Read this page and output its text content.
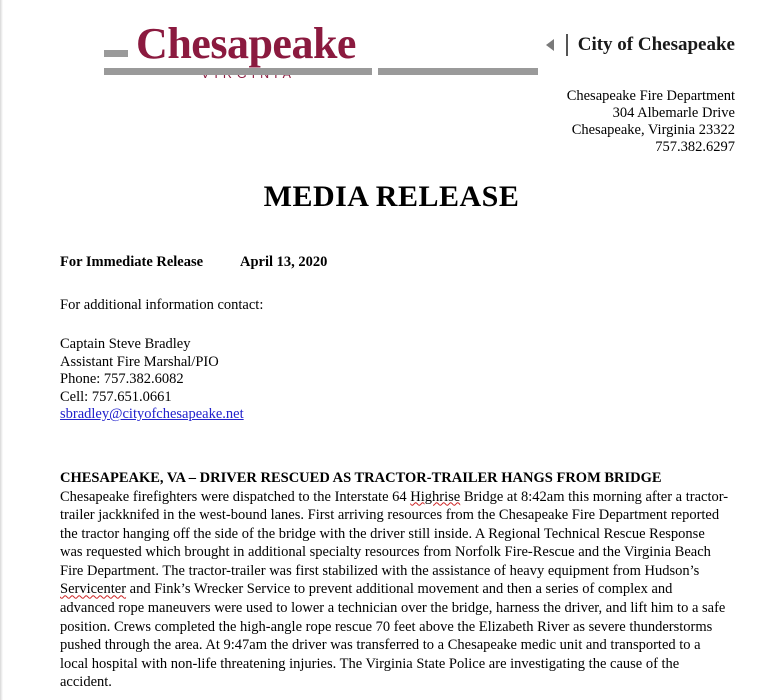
Chesapeake	City of Chesapeake
Chesapeake Fire Department
304 Albemarle Drive
Chesapeake, Virginia 23322
757.382.6297
MEDIA RELEASE
For Immediate Release	April 13, 2020
For additional information contact:
Captain Steve Bradley
Assistant Fire Marshal/PIO
Phone: 757.382.6082
Cell: 757.651.0661
sbradley@cityofchesapeake.net
CHESAPEAKE, VA – DRIVER RESCUED AS TRACTOR-TRAILER HANGS FROM BRIDGE
Chesapeake firefighters were dispatched to the Interstate 64 Highrise Bridge at 8:42am this morning after a tractor-trailer jackknifed in the west-bound lanes. First arriving resources from the Chesapeake Fire Department reported the tractor hanging off the side of the bridge with the driver still inside. A Regional Technical Rescue Response was requested which brought in additional specialty resources from Norfolk Fire-Rescue and the Virginia Beach Fire Department. The tractor-trailer was first stabilized with the assistance of heavy equipment from Hudson’s Servicenter and Fink’s Wrecker Service to prevent additional movement and then a series of complex and advanced rope maneuvers were used to lower a technician over the bridge, harness the driver, and lift him to a safe position. Crews completed the high-angle rope rescue 70 feet above the Elizabeth River as severe thunderstorms pushed through the area. At 9:47am the driver was transferred to a Chesapeake medic unit and transported to a local hospital with non-life threatening injuries. The Virginia State Police are investigating the cause of the accident.
